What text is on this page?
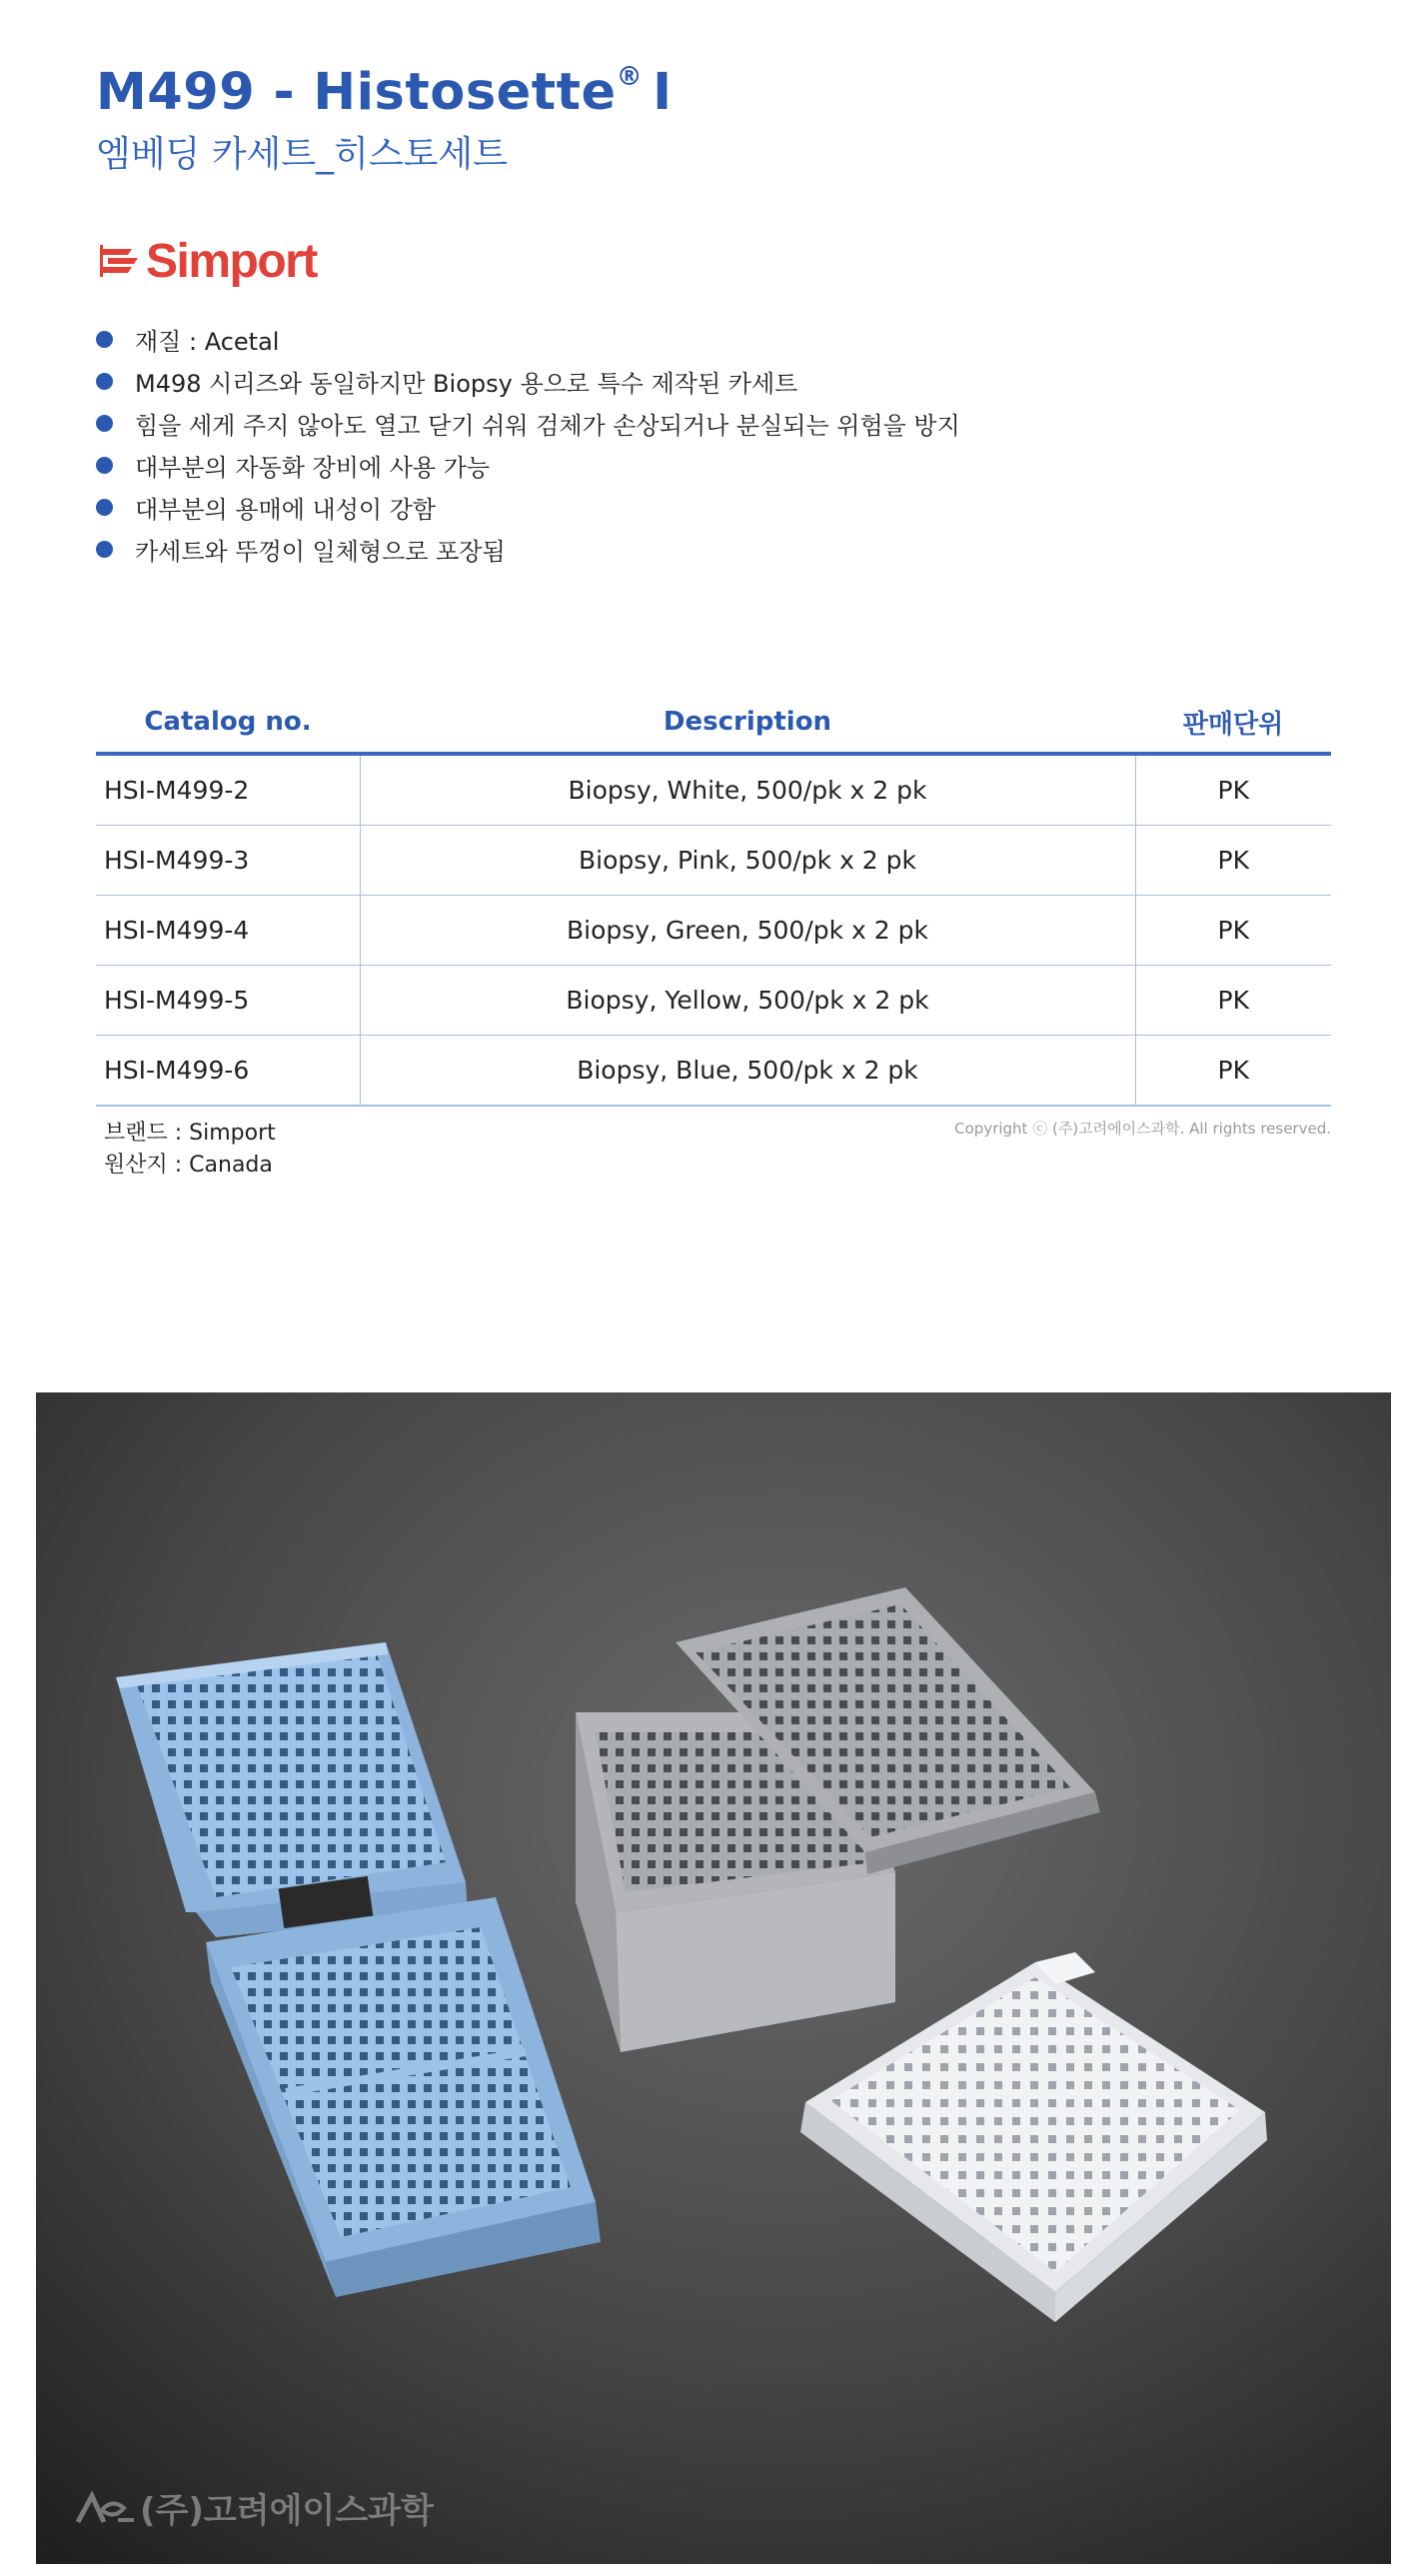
M499 - Histosette® I
엠베딩 카세트_히스토세트
Simport
재질 : Acetal
M498 시리즈와 동일하지만 Biopsy 용으로 특수 제작된 카세트
힘을 세게 주지 않아도 열고 닫기 쉬워 검체가 손상되거나 분실되는 위험을 방지
대부분의 자동화 장비에 사용 가능
대부분의 용매에 내성이 강함
카세트와 뚜껑이 일체형으로 포장됨
Catalog no.	Description	판매단위
HSI-M499-2	Biopsy, White, 500/pk x 2 pk	PK
HSI-M499-3	Biopsy, Pink, 500/pk x 2 pk	PK
HSI-M499-4	Biopsy, Green, 500/pk x 2 pk	PK
HSI-M499-5	Biopsy, Yellow, 500/pk x 2 pk	PK
HSI-M499-6	Biopsy, Blue, 500/pk x 2 pk	PK
브랜드 : Simport
원산지 : Canada
Copyright ⓒ (주)고려에이스과학. All rights reserved.
(주)고려에이스과학
